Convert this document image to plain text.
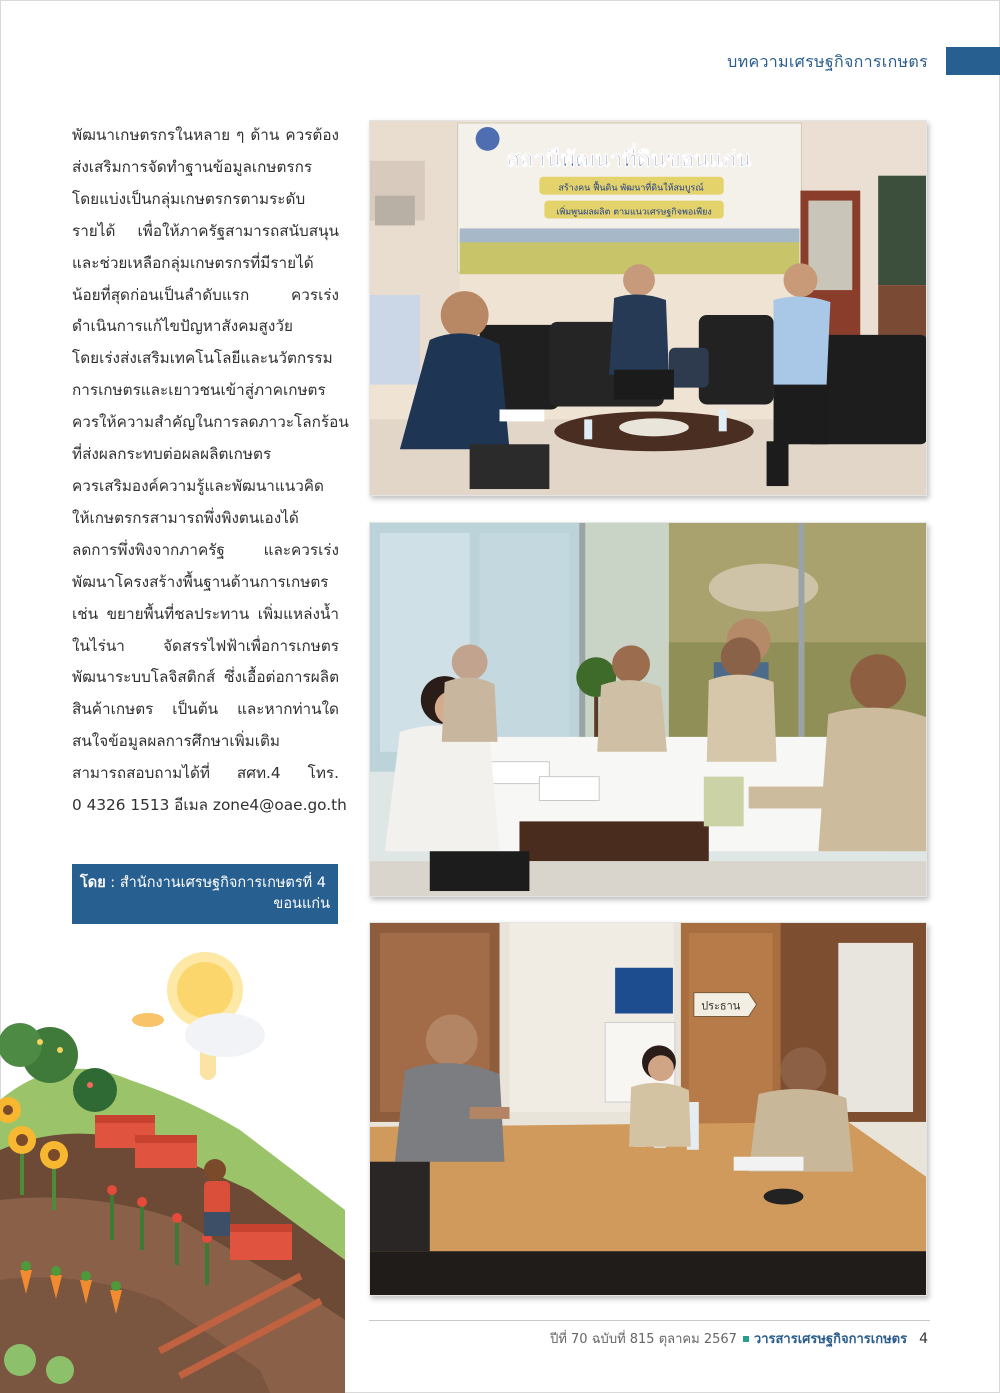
บทความเศรษฐกิจการเกษตร
พัฒนาเกษตรกรในหลาย ๆ ด้าน ควรต้อง
ส่งเสริมการจัดทำฐานข้อมูลเกษตรกร
โดยแบ่งเป็นกลุ่มเกษตรกรตามระดับ
รายได้ เพื่อให้ภาครัฐสามารถสนับสนุน
และช่วยเหลือกลุ่มเกษตรกรที่มีรายได้
น้อยที่สุดก่อนเป็นลำดับแรก ควรเร่ง
ดำเนินการแก้ไขปัญหาสังคมสูงวัย
โดยเร่งส่งเสริมเทคโนโลยีและนวัตกรรม
การเกษตรและเยาวชนเข้าสู่ภาคเกษตร
ควรให้ความสำคัญในการลดภาวะโลกร้อน
ที่ส่งผลกระทบต่อผลผลิตเกษตร
ควรเสริมองค์ความรู้และพัฒนาแนวคิด
ให้เกษตรกรสามารถพึ่งพิงตนเองได้
ลดการพึ่งพิงจากภาครัฐ และควรเร่ง
พัฒนาโครงสร้างพื้นฐานด้านการเกษตร
เช่น ขยายพื้นที่ชลประทาน เพิ่มแหล่งน้ำ
ในไร่นา จัดสรรไฟฟ้าเพื่อการเกษตร
พัฒนาระบบโลจิสติกส์ ซึ่งเอื้อต่อการผลิต
สินค้าเกษตร เป็นต้น และหากท่านใด
สนใจข้อมูลผลการศึกษาเพิ่มเติม
สามารถสอบถามได้ที่ สศท.4 โทร.
0 4326 1513 อีเมล zone4@oae.go.th
โดย : สำนักงานเศรษฐกิจการเกษตรที่ 4
ขอนแก่น
สถานีพัฒนาที่ดินขอนแก่น
สร้างคน ฟื้นดิน พัฒนาที่ดินให้สมบูรณ์
เพิ่มพูนผลผลิต ตามแนวเศรษฐกิจพอเพียง
ประธาน
ปีที่ 70 ฉบับที่ 815 ตุลาคม 2567 วารสารเศรษฐกิจการเกษตร 4
